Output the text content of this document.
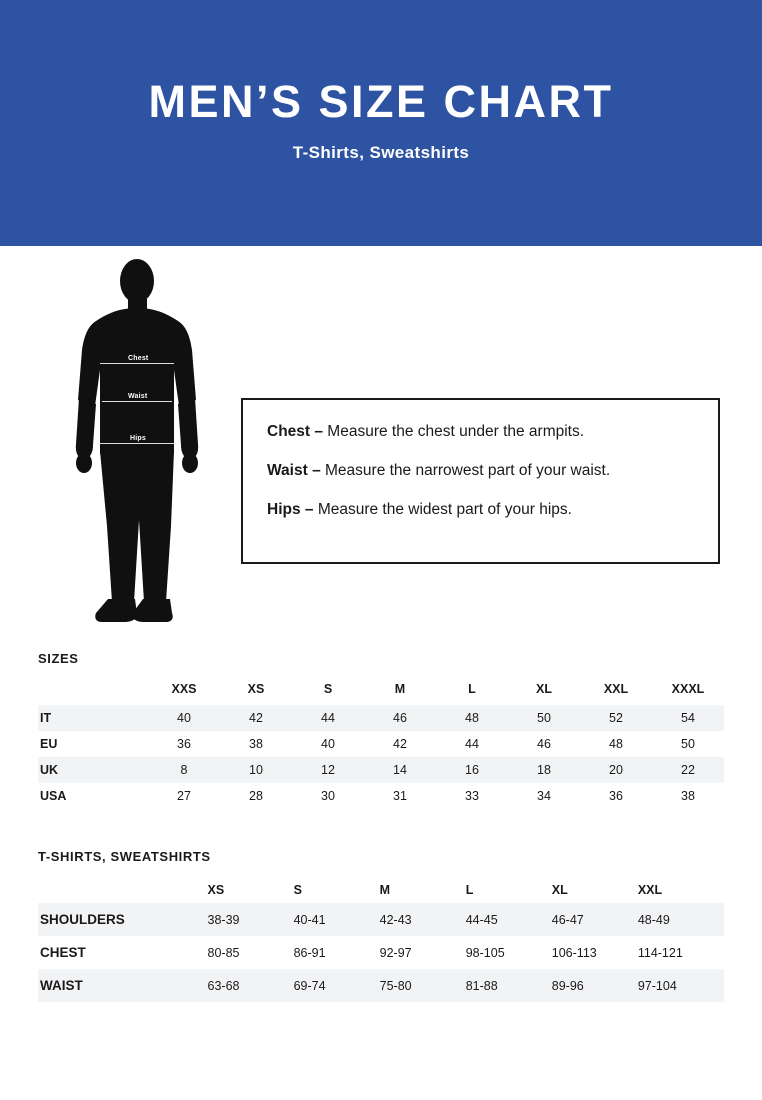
MEN’S SIZE CHART
T-Shirts, Sweatshirts
Chest
Waist
Hips	Chest – Measure the chest under the armpits.

Waist – Measure the narrowest part of your waist.

Hips – Measure the widest part of your hips.

SIZES
	XXS	XS	S	M	L	XL	XXL	XXXL
IT	40	42	44	46	48	50	52	54
EU	36	38	40	42	44	46	48	50
UK	8	10	12	14	16	18	20	22
USA	27	28	30	31	33	34	36	38
T-SHIRTS, SWEATSHIRTS
	XS	S	M	L	XL	XXL
SHOULDERS	38-39	40-41	42-43	44-45	46-47	48-49
CHEST	80-85	86-91	92-97	98-105	106-113	114-121
WAIST	63-68	69-74	75-80	81-88	89-96	97-104
